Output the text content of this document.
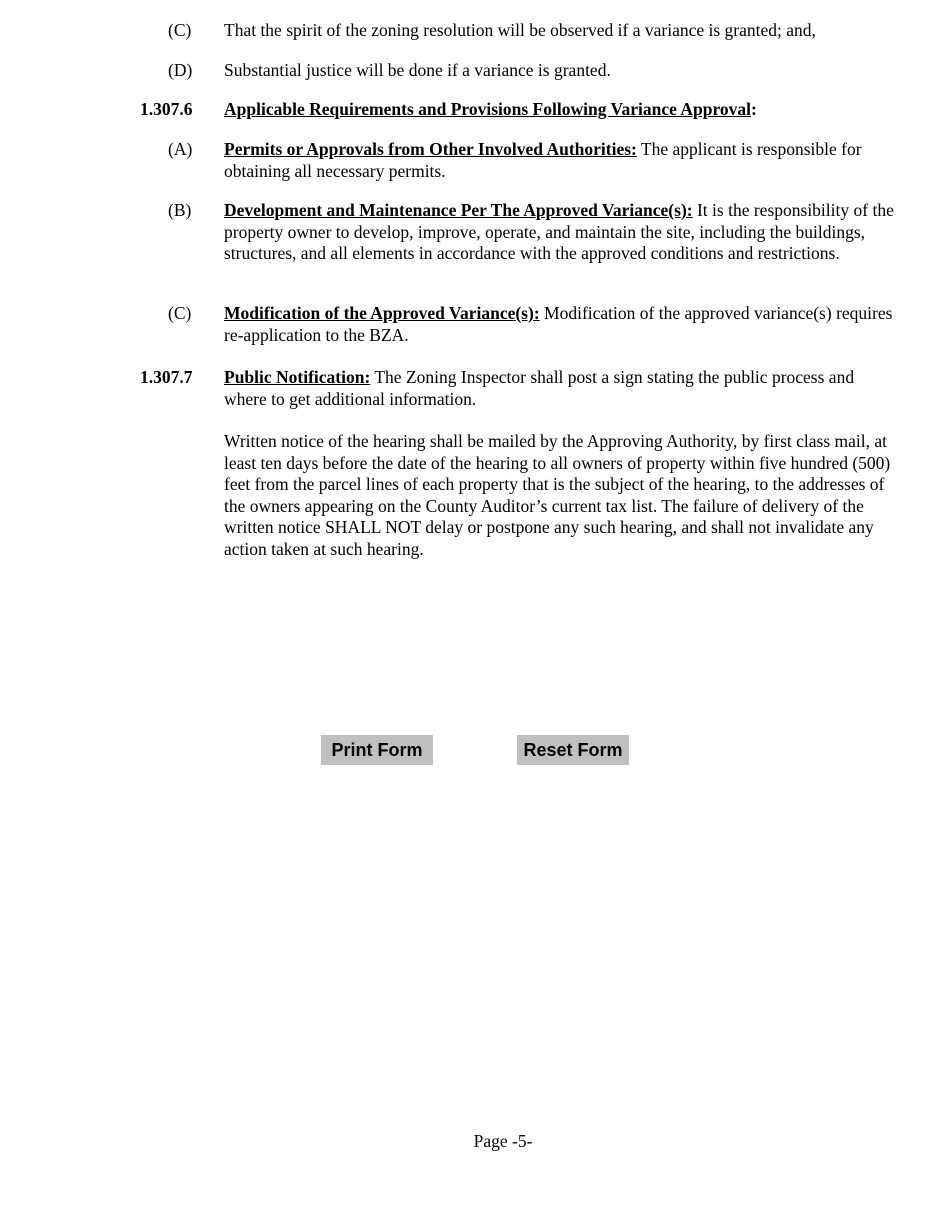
(C) That the spirit of the zoning resolution will be observed if a variance is granted; and,
(D) Substantial justice will be done if a variance is granted.
1.307.6 Applicable Requirements and Provisions Following Variance Approval:
(A) Permits or Approvals from Other Involved Authorities: The applicant is responsible for obtaining all necessary permits.
(B) Development and Maintenance Per The Approved Variance(s): It is the responsibility of the property owner to develop, improve, operate, and maintain the site, including the buildings, structures, and all elements in accordance with the approved conditions and restrictions.
(C) Modification of the Approved Variance(s): Modification of the approved variance(s) requires re-application to the BZA.
1.307.7 Public Notification: The Zoning Inspector shall post a sign stating the public process and where to get additional information.
Written notice of the hearing shall be mailed by the Approving Authority, by first class mail, at least ten days before the date of the hearing to all owners of property within five hundred (500) feet from the parcel lines of each property that is the subject of the hearing, to the addresses of the owners appearing on the County Auditor’s current tax list. The failure of delivery of the written notice SHALL NOT delay or postpone any such hearing, and shall not invalidate any action taken at such hearing.
Print Form	Reset Form
Page -5-
